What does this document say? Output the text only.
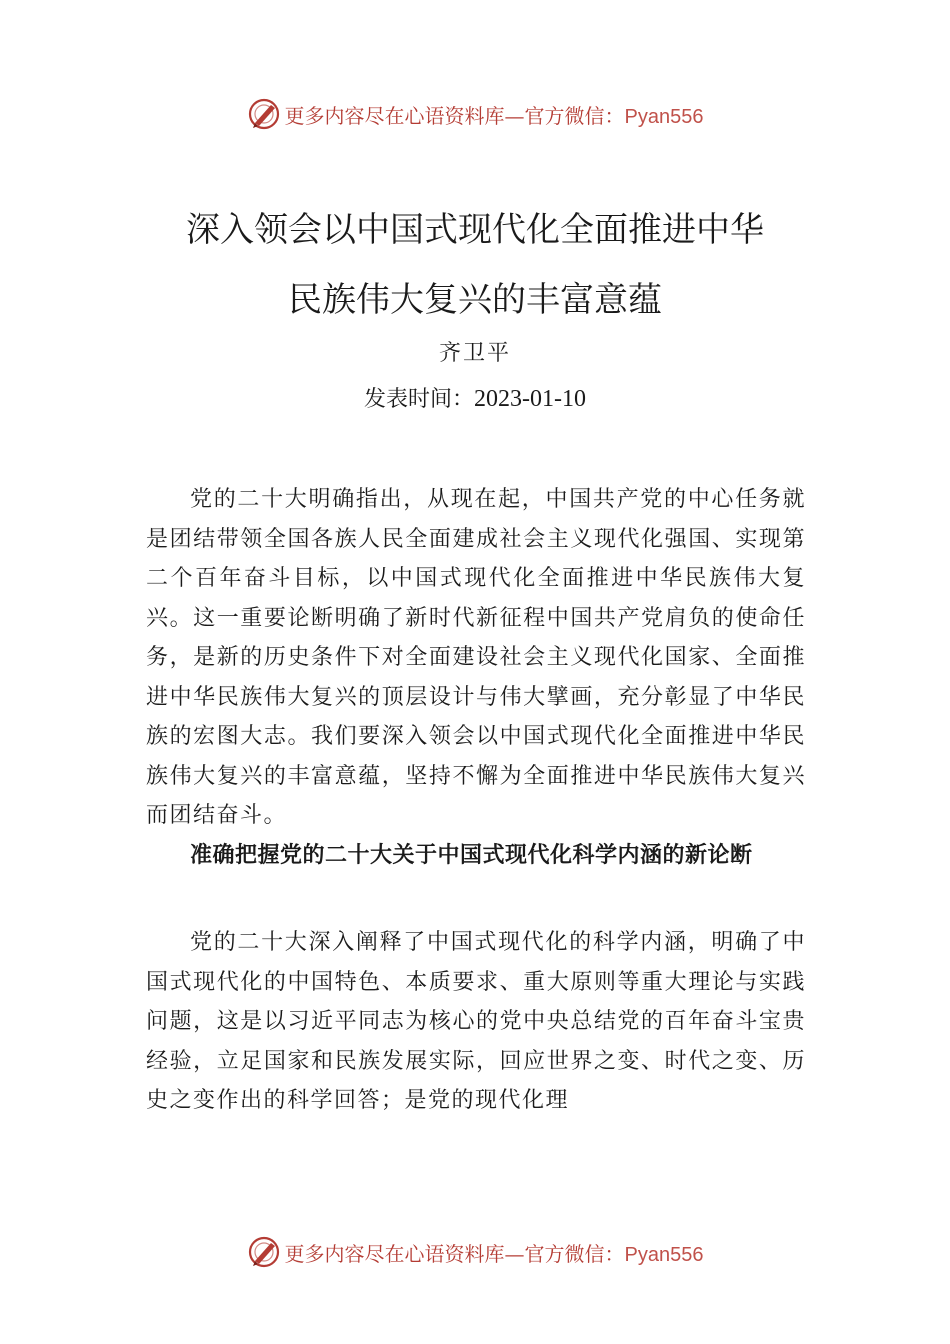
更多内容尽在心语资料库—官方微信：Pyan556
深入领会以中国式现代化全面推进中华
民族伟大复兴的丰富意蕴
齐卫平
发表时间：2023-01-10
党的二十大明确指出，从现在起，中国共产党的中心任务就是团结带领全国各族人民全面建成社会主义现代化强国、实现第二个百年奋斗目标，以中国式现代化全面推进中华民族伟大复兴。这一重要论断明确了新时代新征程中国共产党肩负的使命任务，是新的历史条件下对全面建设社会主义现代化国家、全面推进中华民族伟大复兴的顶层设计与伟大擘画，充分彰显了中华民族的宏图大志。我们要深入领会以中国式现代化全面推进中华民族伟大复兴的丰富意蕴，坚持不懈为全面推进中华民族伟大复兴而团结奋斗。
准确把握党的二十大关于中国式现代化科学内涵的新论断
党的二十大深入阐释了中国式现代化的科学内涵，明确了中国式现代化的中国特色、本质要求、重大原则等重大理论与实践问题，这是以习近平同志为核心的党中央总结党的百年奋斗宝贵经验，立足国家和民族发展实际，回应世界之变、时代之变、历史之变作出的科学回答；是党的现代化理
更多内容尽在心语资料库—官方微信：Pyan556
